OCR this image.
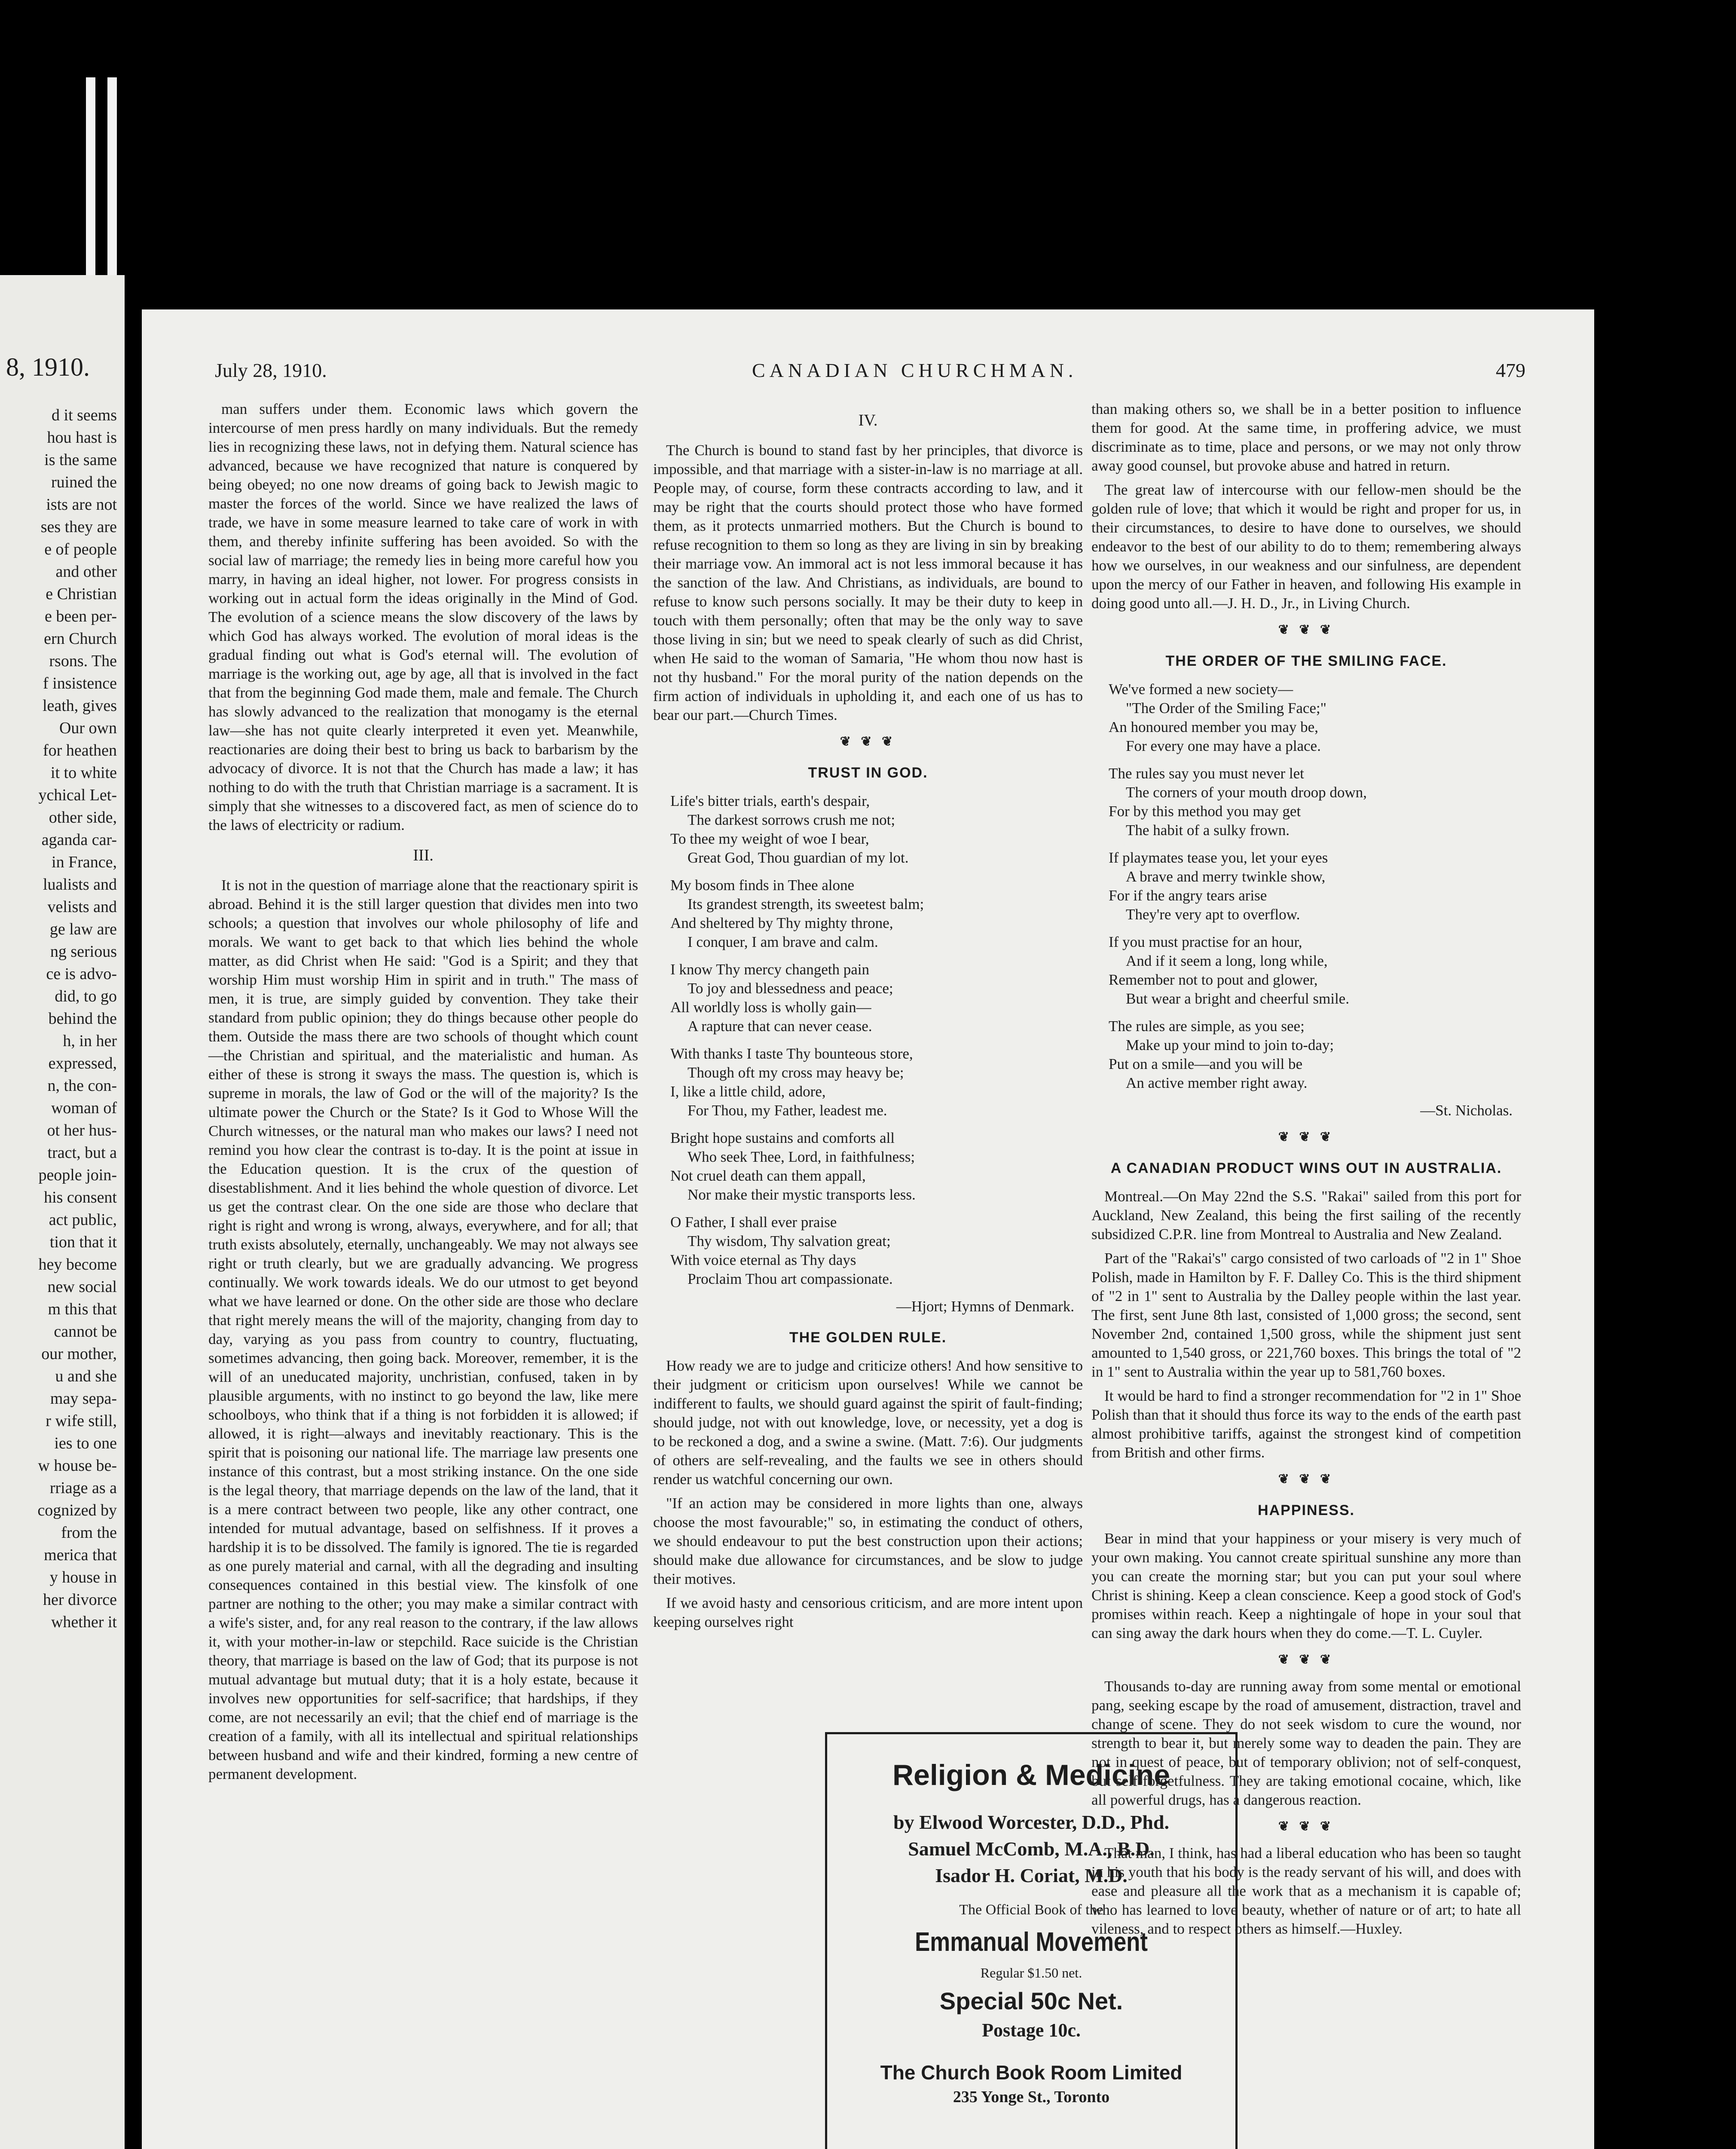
8, 1910.
d it seems
hou hast is
is the same
ruined the
ists are not
ses they are
e of people
and other
e Christian
e been per-
ern Church
rsons. The
f insistence
leath, gives
Our own
for heathen
it to white
ychical Let-
other side,
aganda car-
in France,
lualists and
velists and
ge law are
ng serious
ce is advo-
did, to go
behind the
h, in her
expressed,
n, the con-
woman of
ot her hus-
tract, but a
people join-
his consent
act public,
tion that it
hey become
new social
m this that
cannot be
our mother,
u and she
may sepa-
r wife still,
ies to one
w house be-
rriage as a
cognized by
from the
merica that
y house in
her divorce
whether it
July 28, 1910.	CANADIAN CHURCHMAN.	479

man suffers under them. Economic laws which govern the intercourse of men press hardly on many individuals. But the remedy lies in recognizing these laws, not in defying them. Natural science has advanced, because we have recognized that nature is conquered by being obeyed; no one now dreams of going back to Jewish magic to master the forces of the world. Since we have realized the laws of trade, we have in some measure learned to take care of work in with them, and thereby infinite suffering has been avoided. So with the social law of marriage; the remedy lies in being more careful how you marry, in having an ideal higher, not lower. For progress consists in working out in actual form the ideas originally in the Mind of God. The evolution of a science means the slow discovery of the laws by which God has always worked. The evolution of moral ideas is the gradual finding out what is God's eternal will. The evolution of marriage is the working out, age by age, all that is involved in the fact that from the beginning God made them, male and female. The Church has slowly advanced to the realization that monogamy is the eternal law—she has not quite clearly interpreted it even yet. Meanwhile, reactionaries are doing their best to bring us back to barbarism by the advocacy of divorce. It is not that the Church has made a law; it has nothing to do with the truth that Christian marriage is a sacrament. It is simply that she witnesses to a discovered fact, as men of science do to the laws of electricity or radium.

III.

It is not in the question of marriage alone that the reactionary spirit is abroad. Behind it is the still larger question that divides men into two schools; a question that involves our whole philosophy of life and morals. We want to get back to that which lies behind the whole matter, as did Christ when He said: "God is a Spirit; and they that worship Him must worship Him in spirit and in truth." The mass of men, it is true, are simply guided by convention. They take their standard from public opinion; they do things because other people do them. Outside the mass there are two schools of thought which count—the Christian and spiritual, and the materialistic and human. As either of these is strong it sways the mass. The question is, which is supreme in morals, the law of God or the will of the majority? Is the ultimate power the Church or the State? Is it God to Whose Will the Church witnesses, or the natural man who makes our laws? I need not remind you how clear the contrast is to-day. It is the point at issue in the Education question. It is the crux of the question of disestablishment. And it lies behind the whole question of divorce. Let us get the contrast clear. On the one side are those who declare that right is right and wrong is wrong, always, everywhere, and for all; that truth exists absolutely, eternally, unchangeably. We may not always see right or truth clearly, but we are gradually advancing. We progress continually. We work towards ideals. We do our utmost to get beyond what we have learned or done. On the other side are those who declare that right merely means the will of the majority, changing from day to day, varying as you pass from country to country, fluctuating, sometimes advancing, then going back. Moreover, remember, it is the will of an uneducated majority, unchristian, confused, taken in by plausible arguments, with no instinct to go beyond the law, like mere schoolboys, who think that if a thing is not forbidden it is allowed; if allowed, it is right—always and inevitably reactionary. This is the spirit that is poisoning our national life. The marriage law presents one instance of this contrast, but a most striking instance. On the one side is the legal theory, that marriage depends on the law of the land, that it is a mere contract between two people, like any other contract, one intended for mutual advantage, based on selfishness. If it proves a hardship it is to be dissolved. The family is ignored. The tie is regarded as one purely material and carnal, with all the degrading and insulting consequences contained in this bestial view. The kinsfolk of one partner are nothing to the other; you may make a similar contract with a wife's sister, and, for any real reason to the contrary, if the law allows it, with your mother-in-law or stepchild. Race suicide is the Christian theory, that marriage is based on the law of God; that its purpose is not mutual advantage but mutual duty; that it is a holy estate, because it involves new opportunities for self-sacrifice; that hardships, if they come, are not necessarily an evil; that the chief end of marriage is the creation of a family, with all its intellectual and spiritual relationships between husband and wife and their kindred, forming a new centre of permanent development.

IV.

The Church is bound to stand fast by her principles, that divorce is impossible, and that marriage with a sister-in-law is no marriage at all. People may, of course, form these contracts according to law, and it may be right that the courts should protect those who have formed them, as it protects unmarried mothers. But the Church is bound to refuse recognition to them so long as they are living in sin by breaking their marriage vow. An immoral act is not less immoral because it has the sanction of the law. And Christians, as individuals, are bound to refuse to know such persons socially. It may be their duty to keep in touch with them personally; often that may be the only way to save those living in sin; but we need to speak clearly of such as did Christ, when He said to the woman of Samaria, "He whom thou now hast is not thy husband." For the moral purity of the nation depends on the firm action of individuals in upholding it, and each one of us has to bear our part.—Church Times.

❦ ❦ ❦
TRUST IN GOD.
Life's bitter trials, earth's despair,
The darkest sorrows crush me not;
To thee my weight of woe I bear,
Great God, Thou guardian of my lot.
My bosom finds in Thee alone
Its grandest strength, its sweetest balm;
And sheltered by Thy mighty throne,
I conquer, I am brave and calm.
I know Thy mercy changeth pain
To joy and blessedness and peace;
All worldly loss is wholly gain—
A rapture that can never cease.
With thanks I taste Thy bounteous store,
Though oft my cross may heavy be;
I, like a little child, adore,
For Thou, my Father, leadest me.
Bright hope sustains and comforts all
Who seek Thee, Lord, in faithfulness;
Not cruel death can them appall,
Nor make their mystic transports less.
O Father, I shall ever praise
Thy wisdom, Thy salvation great;
With voice eternal as Thy days
Proclaim Thou art compassionate.
—Hjort; Hymns of Denmark.
THE GOLDEN RULE.

How ready we are to judge and criticize others! And how sensitive to their judgment or criticism upon ourselves! While we cannot be indifferent to faults, we should guard against the spirit of fault-finding; should judge, not with out knowledge, love, or necessity, yet a dog is to be reckoned a dog, and a swine a swine. (Matt. 7:6). Our judgments of others are self-revealing, and the faults we see in others should render us watchful concerning our own.

"If an action may be considered in more lights than one, always choose the most favourable;" so, in estimating the conduct of others, we should endeavour to put the best construction upon their actions; should make due allowance for circumstances, and be slow to judge their motives.

If we avoid hasty and censorious criticism, and are more intent upon keeping ourselves right

than making others so, we shall be in a better position to influence them for good. At the same time, in proffering advice, we must discriminate as to time, place and persons, or we may not only throw away good counsel, but provoke abuse and hatred in return.

The great law of intercourse with our fellow-men should be the golden rule of love; that which it would be right and proper for us, in their circumstances, to desire to have done to ourselves, we should endeavor to the best of our ability to do to them; remembering always how we ourselves, in our weakness and our sinfulness, are dependent upon the mercy of our Father in heaven, and following His example in doing good unto all.—J. H. D., Jr., in Living Church.

❦ ❦ ❦
THE ORDER OF THE SMILING FACE.
We've formed a new society—
"The Order of the Smiling Face;"
An honoured member you may be,
For every one may have a place.
The rules say you must never let
The corners of your mouth droop down,
For by this method you may get
The habit of a sulky frown.
If playmates tease you, let your eyes
A brave and merry twinkle show,
For if the angry tears arise
They're very apt to overflow.
If you must practise for an hour,
And if it seem a long, long while,
Remember not to pout and glower,
But wear a bright and cheerful smile.
The rules are simple, as you see;
Make up your mind to join to-day;
Put on a smile—and you will be
An active member right away.
—St. Nicholas.
❦ ❦ ❦
A CANADIAN PRODUCT WINS OUT IN AUSTRALIA.

Montreal.—On May 22nd the S.S. "Rakai" sailed from this port for Auckland, New Zealand, this being the first sailing of the recently subsidized C.P.R. line from Montreal to Australia and New Zealand.

Part of the "Rakai's" cargo consisted of two carloads of "2 in 1" Shoe Polish, made in Hamilton by F. F. Dalley Co. This is the third shipment of "2 in 1" sent to Australia by the Dalley people within the last year. The first, sent June 8th last, consisted of 1,000 gross; the second, sent November 2nd, contained 1,500 gross, while the shipment just sent amounted to 1,540 gross, or 221,760 boxes. This brings the total of "2 in 1" sent to Australia within the year up to 581,760 boxes.

It would be hard to find a stronger recommendation for "2 in 1" Shoe Polish than that it should thus force its way to the ends of the earth past almost prohibitive tariffs, against the strongest kind of competition from British and other firms.

❦ ❦ ❦
HAPPINESS.

Bear in mind that your happiness or your misery is very much of your own making. You cannot create spiritual sunshine any more than you can create the morning star; but you can put your soul where Christ is shining. Keep a clean conscience. Keep a good stock of God's promises within reach. Keep a nightingale of hope in your soul that can sing away the dark hours when they do come.—T. L. Cuyler.

❦ ❦ ❦

Thousands to-day are running away from some mental or emotional pang, seeking escape by the road of amusement, distraction, travel and change of scene. They do not seek wisdom to cure the wound, nor strength to bear it, but merely some way to deaden the pain. They are not in quest of peace, but of temporary oblivion; not of self-conquest, but self-forgetfulness. They are taking emotional cocaine, which, like all powerful drugs, has a dangerous reaction.

❦ ❦ ❦

That man, I think, has had a liberal education who has been so taught in his youth that his body is the ready servant of his will, and does with ease and pleasure all the work that as a mechanism it is capable of; who has learned to love beauty, whether of nature or of art; to hate all vileness, and to respect others as himself.—Huxley.

Religion & Medicine
by Elwood Worcester, D.D., Phd.
Samuel McComb, M.A., B.D.
Isador H. Coriat, M.D.
The Official Book of the
Emmanual Movement
Regular $1.50 net.
Special 50c Net.
Postage 10c.
The Church Book Room Limited
235 Yonge St., Toronto
